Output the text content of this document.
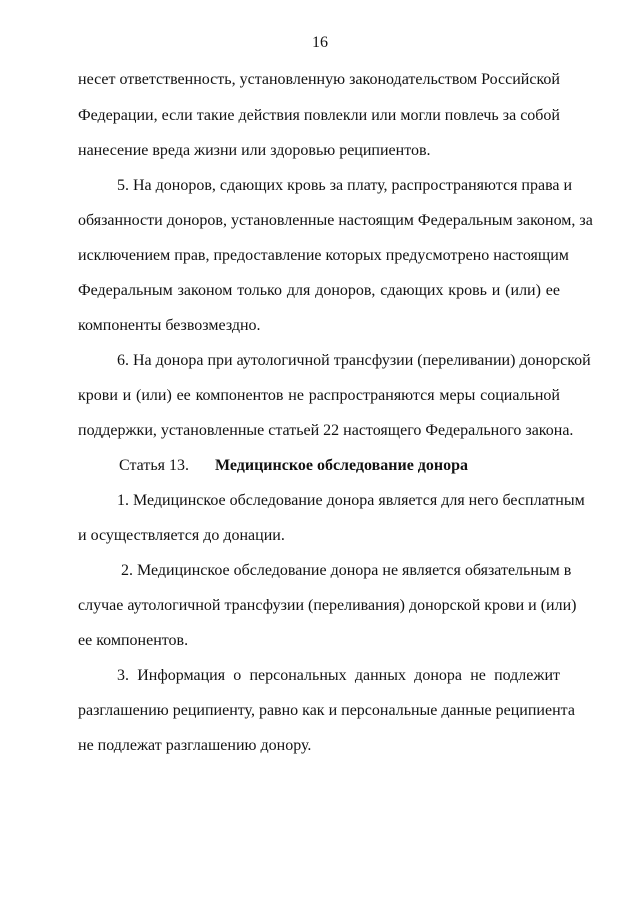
16
несет ответственность, установленную законодательством Российской
Федерации, если такие действия повлекли или могли повлечь за собой
нанесение вреда жизни или здоровью реципиентов.
5. На доноров, сдающих кровь за плату, распространяются права и
обязанности доноров, установленные настоящим Федеральным законом, за
исключением прав, предоставление которых предусмотрено настоящим
Федеральным законом только для доноров, сдающих кровь и (или) ее
компоненты безвозмездно.
6. На донора при аутологичной трансфузии (переливании) донорской
крови и (или) ее компонентов не распространяются меры социальной
поддержки, установленные статьей 22 настоящего Федерального закона.
Статья 13. Медицинское обследование донора
1. Медицинское обследование донора является для него бесплатным
и осуществляется до донации.
2. Медицинское обследование донора не является обязательным в
случае аутологичной трансфузии (переливания) донорской крови и (или)
ее компонентов.
3. Информация о персональных данных донора не подлежит
разглашению реципиенту, равно как и персональные данные реципиента
не подлежат разглашению донору.
